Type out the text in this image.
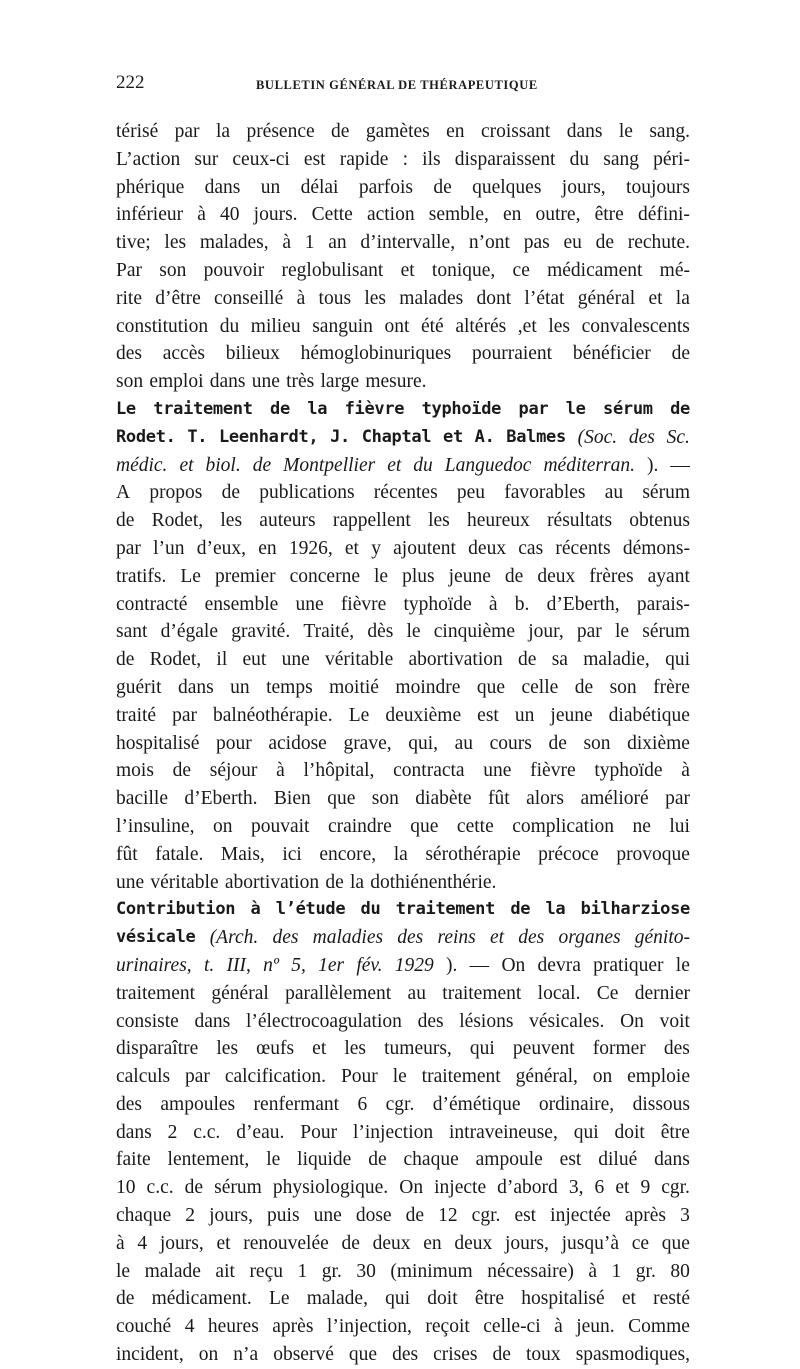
222	BULLETIN GÉNÉRAL DE THÉRAPEUTIQUE
térisé par la présence de gamètes en croissant dans le sang.
L’action sur ceux-ci est rapide : ils disparaissent du sang péri-
phérique dans un délai parfois de quelques jours, toujours
inférieur à 40 jours. Cette action semble, en outre, être défini-
tive; les malades, à 1 an d’intervalle, n’ont pas eu de rechute.
Par son pouvoir reglobulisant et tonique, ce médicament mé-
rite d’être conseillé à tous les malades dont l’état général et la
constitution du milieu sanguin ont été altérés ,et les convalescents
des accès bilieux hémoglobinuriques pourraient bénéficier de
son emploi dans une très large mesure.
Le traitement de la fièvre typhoïde par le sérum de
Rodet. T. Leenhardt, J. Chaptal et A. Balmes (Soc. des Sc.
médic. et biol. de Montpellier et du Languedoc méditerran. ). —
A propos de publications récentes peu favorables au sérum
de Rodet, les auteurs rappellent les heureux résultats obtenus
par l’un d’eux, en 1926, et y ajoutent deux cas récents démons-
tratifs. Le premier concerne le plus jeune de deux frères ayant
contracté ensemble une fièvre typhoïde à b. d’Eberth, parais-
sant d’égale gravité. Traité, dès le cinquième jour, par le sérum
de Rodet, il eut une véritable abortivation de sa maladie, qui
guérit dans un temps moitié moindre que celle de son frère
traité par balnéothérapie. Le deuxième est un jeune diabétique
hospitalisé pour acidose grave, qui, au cours de son dixième
mois de séjour à l’hôpital, contracta une fièvre typhoïde à
bacille d’Eberth. Bien que son diabète fût alors amélioré par
l’insuline, on pouvait craindre que cette complication ne lui
fût fatale. Mais, ici encore, la sérothérapie précoce provoque
une véritable abortivation de la dothiénenthérie.
Contribution à l’étude du traitement de la bilharziose
vésicale (Arch. des maladies des reins et des organes génito-
urinaires, t. III, nº 5, 1er fév. 1929 ). — On devra pratiquer le
traitement général parallèlement au traitement local. Ce dernier
consiste dans l’électrocoagulation des lésions vésicales. On voit
disparaître les œufs et les tumeurs, qui peuvent former des
calculs par calcification. Pour le traitement général, on emploie
des ampoules renfermant 6 cgr. d’émétique ordinaire, dissous
dans 2 c.c. d’eau. Pour l’injection intraveineuse, qui doit être
faite lentement, le liquide de chaque ampoule est dilué dans
10 c.c. de sérum physiologique. On injecte d’abord 3, 6 et 9 cgr.
chaque 2 jours, puis une dose de 12 cgr. est injectée après 3
à 4 jours, et renouvelée de deux en deux jours, jusqu’à ce que
le malade ait reçu 1 gr. 30 (minimum nécessaire) à 1 gr. 80
de médicament. Le malade, qui doit être hospitalisé et resté
couché 4 heures après l’injection, reçoit celle-ci à jeun. Comme
incident, on n’a observé que des crises de toux spasmodiques,
